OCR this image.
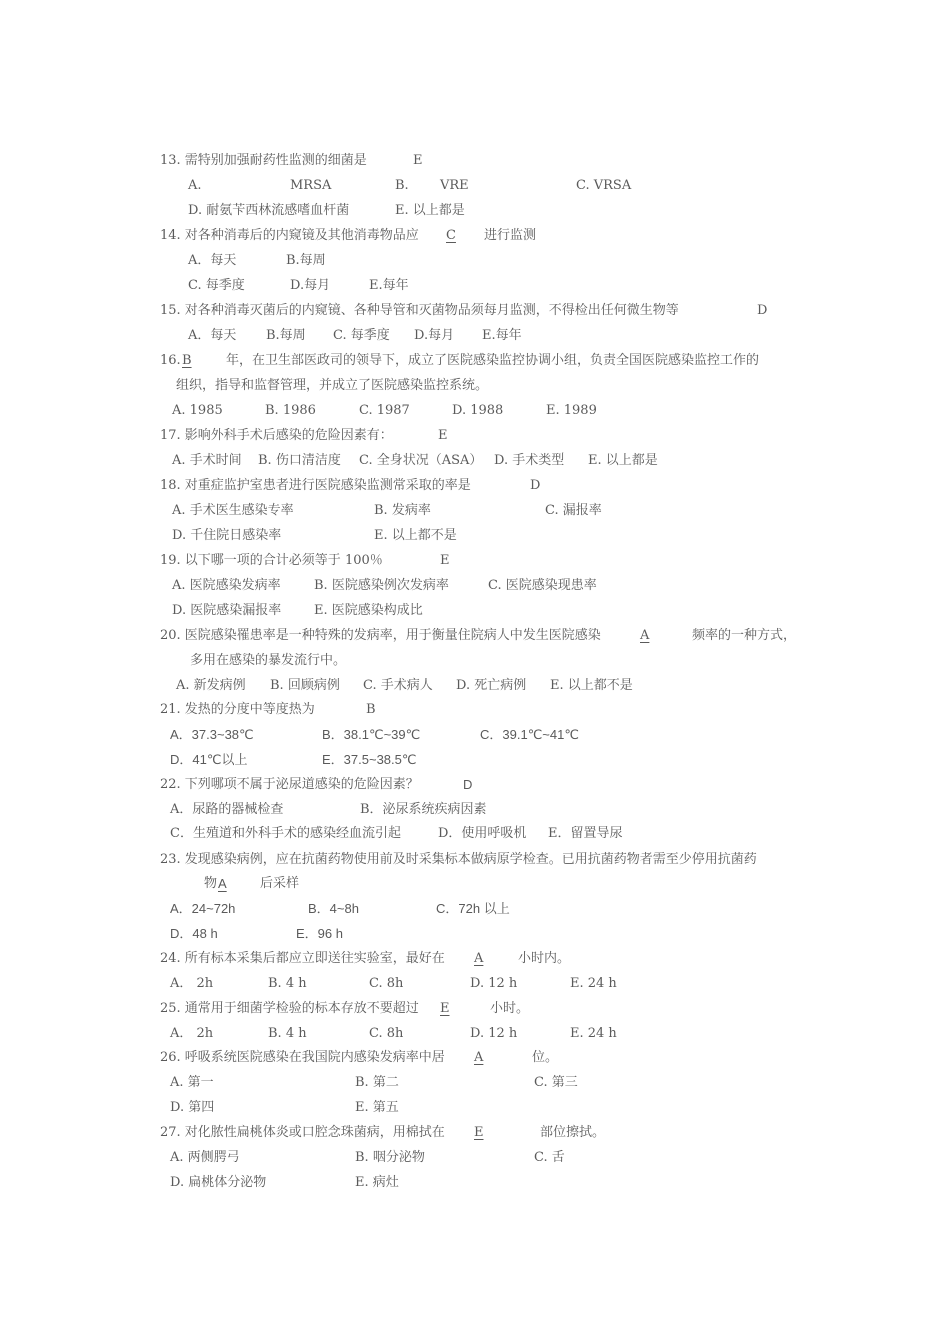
13. 需特别加强耐药性监测的细菌是	E
A.	MRSA	B. VRE	C. VRSA
D. 耐氨苄西林流感嗜血杆菌	E. 以上都是
14. 对各种消毒后的内窥镜及其他消毒物品应 C 进行监测
A．每天	B.每周
C. 每季度	D.每月	E.每年
15. 对各种消毒灭菌后的内窥镜、各种导管和灭菌物品须每月监测，不得检出任何微生物等	D
A．每天 B.每周 C. 每季度 D.每月 E.每年
16. B	年，在卫生部医政司的领导下，成立了医院感染监控协调小组，负责全国医院感染监控工作的
组织，指导和监督管理，并成立了医院感染监控系统。
A. 1985	B. 1986	C. 1987	D. 1988	E. 1989
17. 影响外科手术后感染的危险因素有：	E
A. 手术时间 B. 伤口清洁度 C. 全身状况（ASA） D. 手术类型 E. 以上都是
18. 对重症监护室患者进行医院感染监测常采取的率是	D
A. 手术医生感染专率	B. 发病率	C. 漏报率
D. 千住院日感染率	E. 以上都不是
19. 以下哪一项的合计必须等于 100％	E
A. 医院感染发病率	B. 医院感染例次发病率	C. 医院感染现患率
D. 医院感染漏报率	E. 医院感染构成比
20. 医院感染罹患率是一种特殊的发病率，用于衡量住院病人中发生医院感染	A	频率的一种方式，
多用在感染的暴发流行中。
A. 新发病例 B. 回顾病例 C. 手术病人 D. 死亡病例 E. 以上都不是
21. 发热的分度中等度热为	B
A．37.3~38℃	B．38.1℃~39℃	C．39.1℃~41℃
D．41℃以上	E．37.5~38.5℃
22. 下列哪项不属于泌尿道感染的危险因素？	D
A．尿路的器械检查	B．泌尿系统疾病因素
C．生殖道和外科手术的感染经血流引起	D．使用呼吸机 E．留置导尿
23. 发现感染病例，应在抗菌药物使用前及时采集标本做病原学检查。已用抗菌药物者需至少停用抗菌药
物 A	后采样
A．24~72h	B．4~8h	C．72h 以上
D．48 h	E．96 h
24. 所有标本采集后都应立即送往实验室，最好在 A	小时内。
A． 2h	B. 4 h	C. 8h	D. 12 h	E. 24 h
25. 通常用于细菌学检验的标本存放不要超过 E	小时。
A． 2h	B. 4 h	C. 8h	D. 12 h	E. 24 h
26. 呼吸系统医院感染在我国院内感染发病率中居 A	位。
A. 第一	B. 第二	C. 第三
D. 第四	E. 第五
27. 对化脓性扁桃体炎或口腔念珠菌病，用棉拭在 E	部位擦拭。
A. 两侧腭弓	B. 咽分泌物	C. 舌
D. 扁桃体分泌物	E. 病灶
